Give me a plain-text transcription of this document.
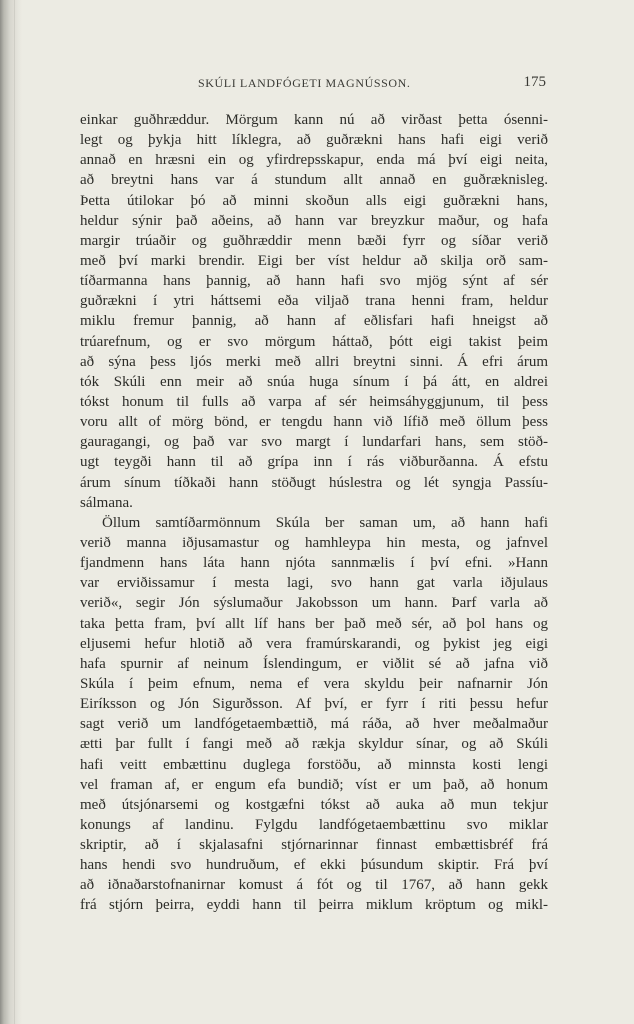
SKÚLI LANDFÓGETI MAGNÚSSON.	175
einkar guðhræddur. Mörgum kann nú að virðast þetta ósenni-
legt og þykja hitt líklegra, að guðrækni hans hafi eigi verið
annað en hræsni ein og yfirdrepsskapur, enda má því eigi neita,
að breytni hans var á stundum allt annað en guðræknisleg.
Þetta útilokar þó að minni skoðun alls eigi guðrækni hans,
heldur sýnir það aðeins, að hann var breyzkur maður, og hafa
margir trúaðir og guðhræddir menn bæði fyrr og síðar verið
með því marki brendir. Eigi ber víst heldur að skilja orð sam-
tíðarmanna hans þannig, að hann hafi svo mjög sýnt af sér
guðrækni í ytri háttsemi eða viljað trana henni fram, heldur
miklu fremur þannig, að hann af eðlisfari hafi hneigst að
trúarefnum, og er svo mörgum háttað, þótt eigi takist þeim
að sýna þess ljós merki með allri breytni sinni. Á efri árum
tók Skúli enn meir að snúa huga sínum í þá átt, en aldrei
tókst honum til fulls að varpa af sér heimsáhyggjunum, til þess
voru allt of mörg bönd, er tengdu hann við lífið með öllum þess
gauragangi, og það var svo margt í lundarfari hans, sem stöð-
ugt teygði hann til að grípa inn í rás viðburðanna. Á efstu
árum sínum tíðkaði hann stöðugt húslestra og lét syngja Passíu-
sálmana.
Öllum samtíðarmönnum Skúla ber saman um, að hann hafi
verið manna iðjusamastur og hamhleypa hin mesta, og jafnvel
fjandmenn hans láta hann njóta sannmælis í því efni. »Hann
var erviðissamur í mesta lagi, svo hann gat varla iðjulaus
verið«, segir Jón sýslumaður Jakobsson um hann. Þarf varla að
taka þetta fram, því allt líf hans ber það með sér, að þol hans og
eljusemi hefur hlotið að vera framúrskarandi, og þykist jeg eigi
hafa spurnir af neinum Íslendingum, er viðlit sé að jafna við
Skúla í þeim efnum, nema ef vera skyldu þeir nafnarnir Jón
Eiríksson og Jón Sigurðsson. Af því, er fyrr í riti þessu hefur
sagt verið um landfógetaembættið, má ráða, að hver meðalmaður
ætti þar fullt í fangi með að rækja skyldur sínar, og að Skúli
hafi veitt embættinu duglega forstöðu, að minnsta kosti lengi
vel framan af, er engum efa bundið; víst er um það, að honum
með útsjónarsemi og kostgæfni tókst að auka að mun tekjur
konungs af landinu. Fylgdu landfógetaembættinu svo miklar
skriptir, að í skjalasafni stjórnarinnar finnast embættisbréf frá
hans hendi svo hundruðum, ef ekki þúsundum skiptir. Frá því
að iðnaðarstofnanirnar komust á fót og til 1767, að hann gekk
frá stjórn þeirra, eyddi hann til þeirra miklum kröptum og mikl-
